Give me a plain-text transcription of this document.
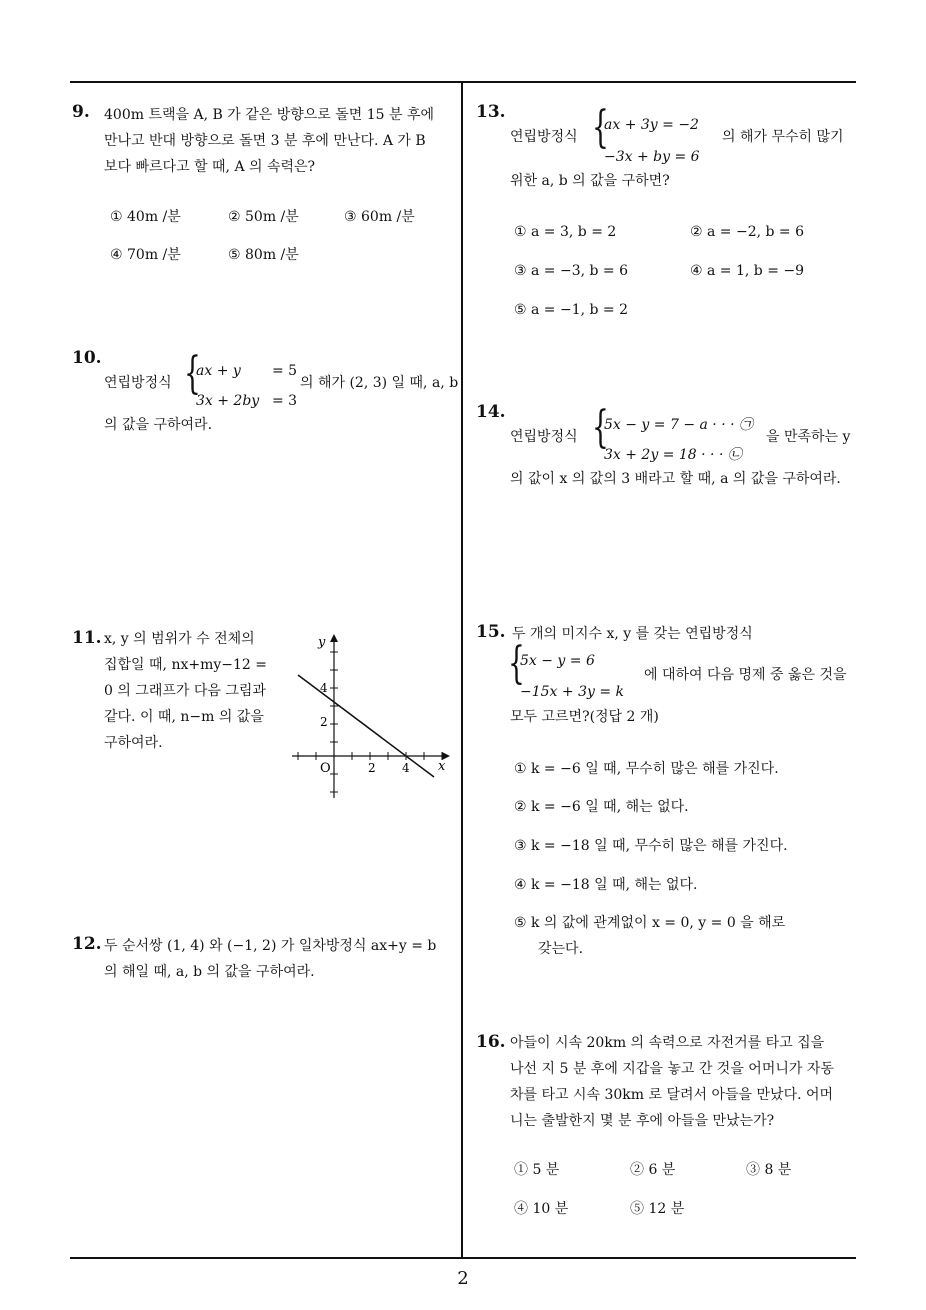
9. 400m 트랙을 A, B 가 같은 방향으로 돌면 15 분 후에
만나고 반대 방향으로 돌면 3 분 후에 만난다. A 가 B
보다 빠르다고 할 때, A 의 속력은?
① 40m /분	② 50m /분	③ 60m /분
④ 70m /분	⑤ 80m /분
10.
연립방정식 {
ax + y = 5
3x + 2by = 3
의 해가 (2, 3) 일 때, a, b
의 값을 구하여라.
11. x, y 의 범위가 수 전체의
집합일 때, nx+my−12 =
0 의 그래프가 다음 그림과
같다. 이 때, n−m 의 값을
구하여라.
y
x
O	2 4
2
4
12. 두 순서쌍 (1, 4) 와 (−1, 2) 가 일차방정식 ax+y = b
의 해일 때, a, b 의 값을 구하여라.
13.
연립방정식 {
ax + 3y = −2
−3x + by = 6
의 해가 무수히 많기
위한 a, b 의 값을 구하면?
① a = 3, b = 2	② a = −2, b = 6
③ a = −3, b = 6	④ a = 1, b = −9
⑤ a = −1, b = 2
14.
연립방정식 {
5x − y = 7 − a · · · ㉠
3x + 2y = 18 · · · ㉡
을 만족하는 y
의 값이 x 의 값의 3 배라고 할 때, a 의 값을 구하여라.
15. 두 개의 미지수 x, y 를 갖는 연립방정식
{
5x − y = 6
−15x + 3y = k
에 대하여 다음 명제 중 옳은 것을
모두 고르면?(정답 2 개)
① k = −6 일 때, 무수히 많은 해를 가진다.
② k = −6 일 때, 해는 없다.
③ k = −18 일 때, 무수히 많은 해를 가진다.
④ k = −18 일 때, 해는 없다.
⑤ k 의 값에 관계없이 x = 0, y = 0 을 해로
갖는다.
16. 아들이 시속 20km 의 속력으로 자전거를 타고 집을
나선 지 5 분 후에 지갑을 놓고 간 것을 어머니가 자동
차를 타고 시속 30km 로 달려서 아들을 만났다. 어머
니는 출발한지 몇 분 후에 아들을 만났는가?
① 5 분	② 6 분	③ 8 분
④ 10 분	⑤ 12 분
2
